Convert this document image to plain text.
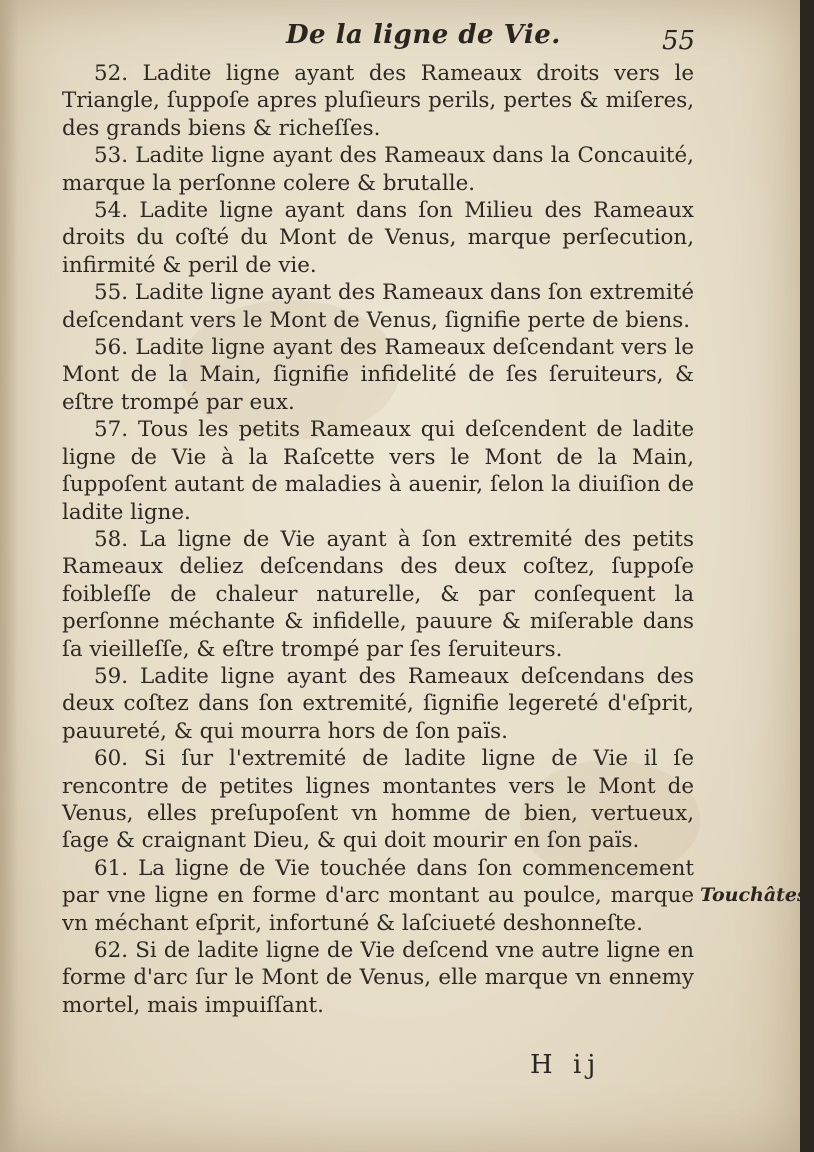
De la ligne de Vie.	55

52. Ladite ligne ayant des Rameaux droits vers le Triangle, ſuppoſe apres pluſieurs perils, pertes & miſeres, des grands biens & richeſſes.

53. Ladite ligne ayant des Rameaux dans la Concauité, marque la perſonne colere & brutalle.

54. Ladite ligne ayant dans ſon Milieu des Rameaux droits du coſté du Mont de Venus, marque perſecution, infirmité & peril de vie.

55. Ladite ligne ayant des Rameaux dans ſon extremité deſcendant vers le Mont de Venus, ſignifie perte de biens.

56. Ladite ligne ayant des Rameaux deſcendant vers le Mont de la Main, ſignifie infidelité de ſes ſeruiteurs, & eſtre trompé par eux.

57. Tous les petits Rameaux qui deſcendent de ladite ligne de Vie à la Raſcette vers le Mont de la Main, ſuppoſent autant de maladies à auenir, ſelon la diuiſion de ladite ligne.

58. La ligne de Vie ayant à ſon extremité des petits Rameaux deliez deſcendans des deux coſtez, ſuppoſe foibleſſe de chaleur naturelle, & par conſequent la perſonne méchante & infidelle, pauure & miſerable dans ſa vieilleſſe, & eſtre trompé par ſes ſeruiteurs.

59. Ladite ligne ayant des Rameaux deſcendans des deux coſtez dans ſon extremité, ſignifie legereté d'eſprit, pauureté, & qui mourra hors de ſon païs.

60. Si ſur l'extremité de ladite ligne de Vie il ſe rencontre de petites lignes montantes vers le Mont de Venus, elles preſupoſent vn homme de bien, vertueux, ſage & craignant Dieu, & qui doit mourir en ſon païs.

61. La ligne de Vie touchée dans ſon commencement par vne ligne en forme d'arc montant au poulce, marque vn méchant eſprit, infortuné & laſciueté deshonneſte.

62. Si de ladite ligne de Vie deſcend vne autre ligne en forme d'arc ſur le Mont de Venus, elle marque vn ennemy mortel, mais impuiſſant.

Touchâtes.
H ij
